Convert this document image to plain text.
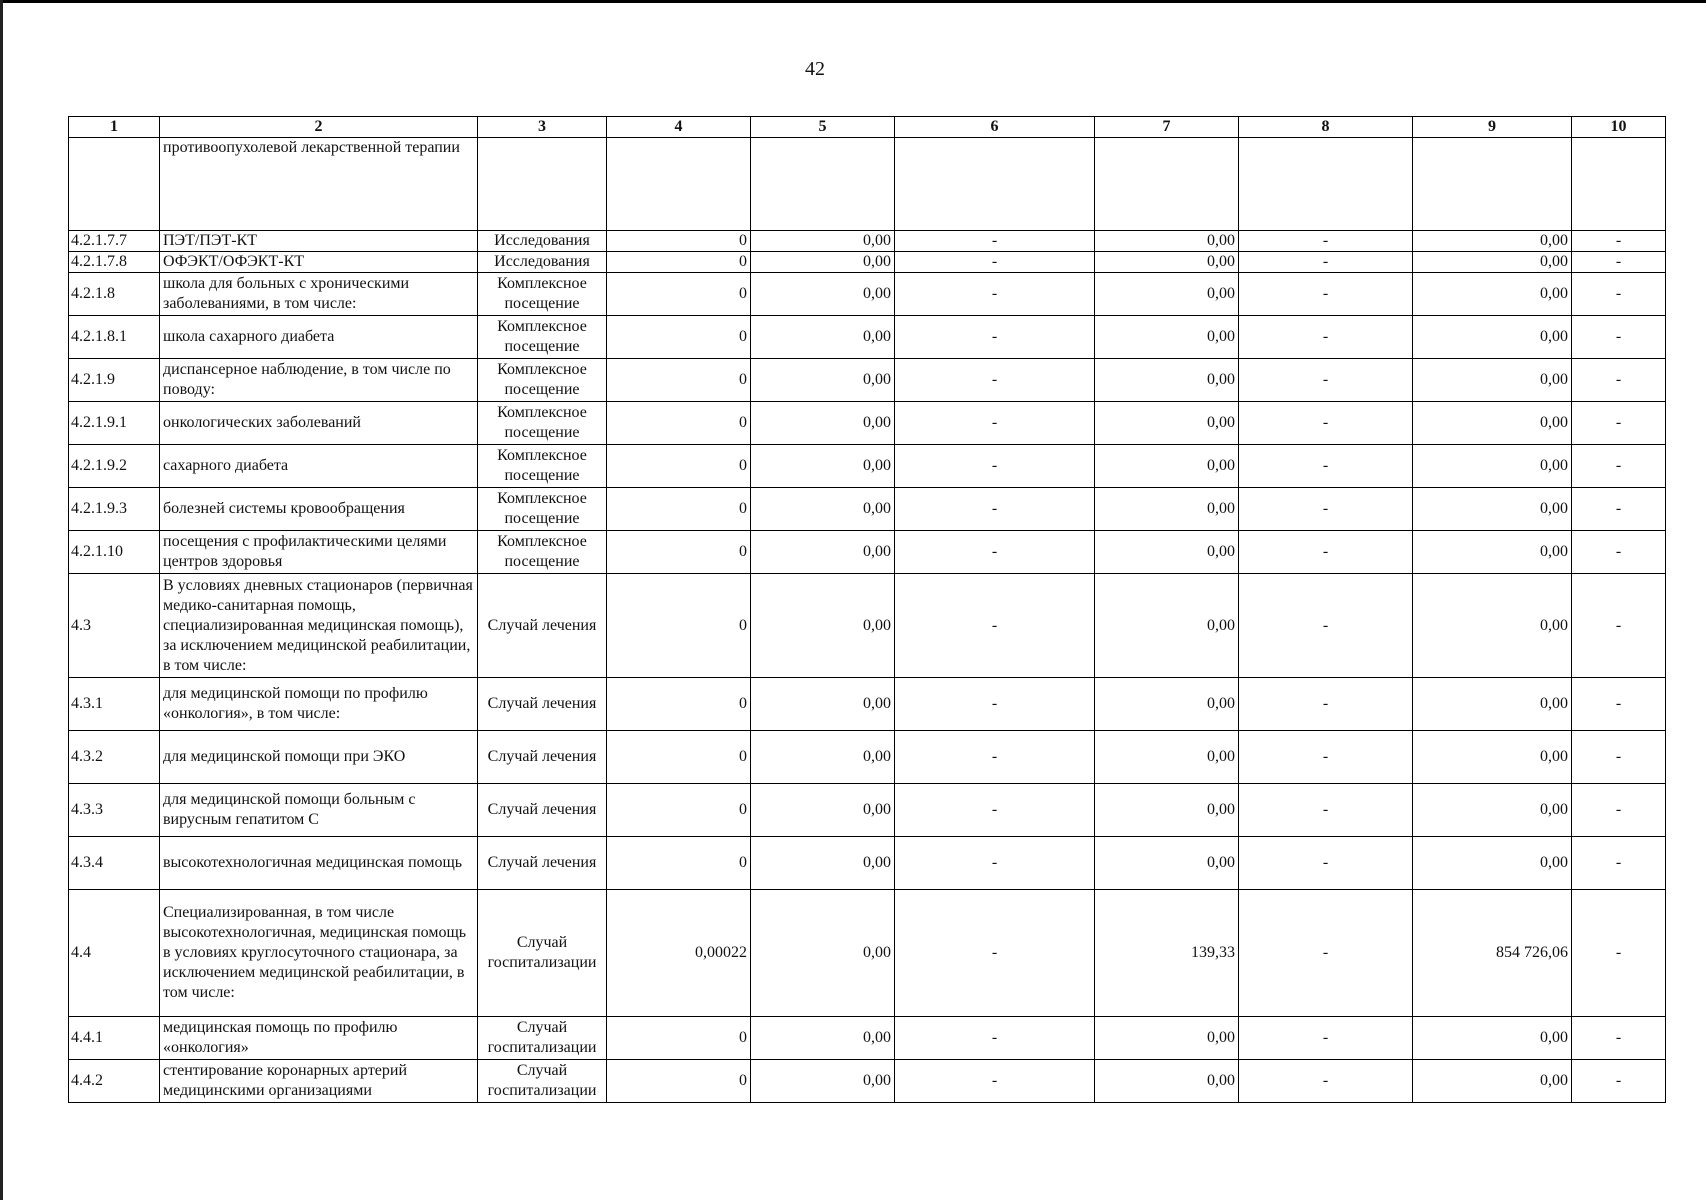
42
1	2	3	4	5	6	7	8	9	10
	противоопухолевой лекарственной терапии								
4.2.1.7.7	ПЭТ/ПЭТ-КТ	Исследования	0	0,00	-	0,00	-	0,00	-
4.2.1.7.8	ОФЭКТ/ОФЭКТ-КТ	Исследования	0	0,00	-	0,00	-	0,00	-
4.2.1.8	школа для больных с хроническими заболеваниями, в том числе:	Комплексное посещение	0	0,00	-	0,00	-	0,00	-
4.2.1.8.1	школа сахарного диабета	Комплексное посещение	0	0,00	-	0,00	-	0,00	-
4.2.1.9	диспансерное наблюдение, в том числе по поводу:	Комплексное посещение	0	0,00	-	0,00	-	0,00	-
4.2.1.9.1	онкологических заболеваний	Комплексное посещение	0	0,00	-	0,00	-	0,00	-
4.2.1.9.2	сахарного диабета	Комплексное посещение	0	0,00	-	0,00	-	0,00	-
4.2.1.9.3	болезней системы кровообращения	Комплексное посещение	0	0,00	-	0,00	-	0,00	-
4.2.1.10	посещения с профилактическими целями центров здоровья	Комплексное посещение	0	0,00	-	0,00	-	0,00	-
4.3	В условиях дневных стационаров (первичная медико-санитарная помощь, специализированная медицинская помощь), за исключением медицинской реабилитации, в том числе:	Случай лечения	0	0,00	-	0,00	-	0,00	-
4.3.1	для медицинской помощи по профилю «онкология», в том числе:	Случай лечения	0	0,00	-	0,00	-	0,00	-
4.3.2	для медицинской помощи при ЭКО	Случай лечения	0	0,00	-	0,00	-	0,00	-
4.3.3	для медицинской помощи больным с вирусным гепатитом С	Случай лечения	0	0,00	-	0,00	-	0,00	-
4.3.4	высокотехнологичная медицинская помощь	Случай лечения	0	0,00	-	0,00	-	0,00	-
4.4	Специализированная, в том числе высокотехнологичная, медицинская помощь в условиях круглосуточного стационара, за исключением медицинской реабилитации, в том числе:	Случай госпитализации	0,00022	0,00	-	139,33	-	854 726,06	-
4.4.1	медицинская помощь по профилю «онкология»	Случай госпитализации	0	0,00	-	0,00	-	0,00	-
4.4.2	стентирование коронарных артерий медицинскими организациями	Случай госпитализации	0	0,00	-	0,00	-	0,00	-
